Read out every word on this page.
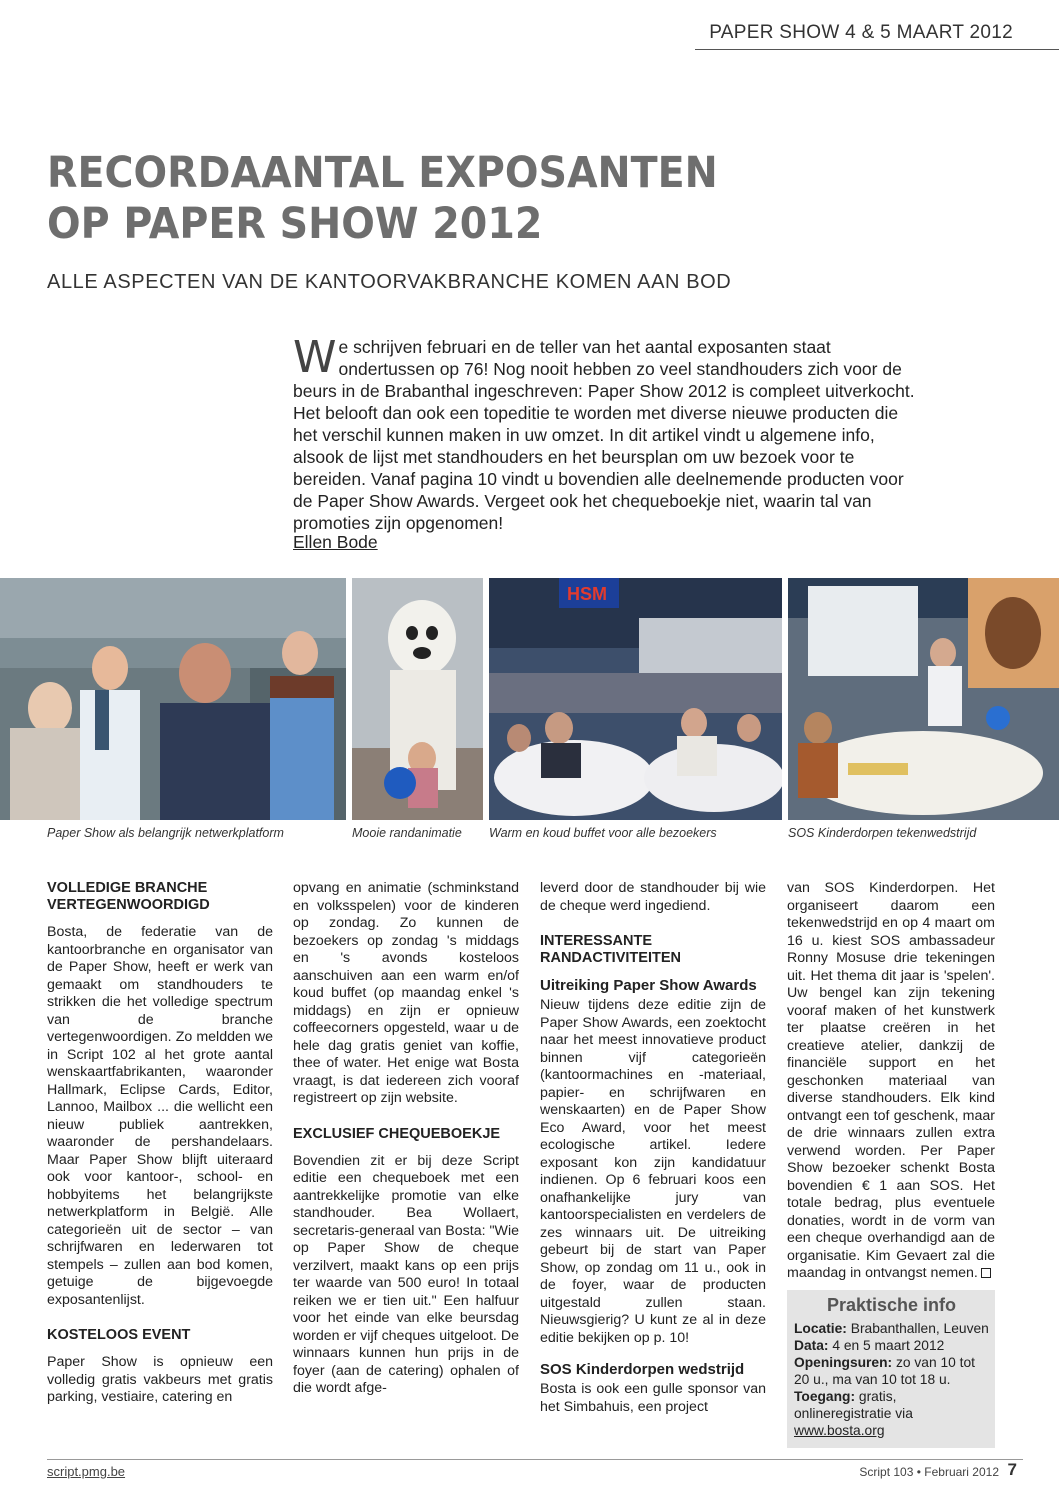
PAPER SHOW 4 & 5 MAART 2012
RECORDAANTAL EXPOSANTEN
OP PAPER SHOW 2012
ALLE ASPECTEN VAN DE KANTOORVAKBRANCHE KOMEN AAN BOD
We schrijven februari en de teller van het aantal exposanten staat ondertussen op 76! Nog nooit hebben zo veel standhouders zich voor de beurs in de Brabanthal ingeschreven: Paper Show 2012 is compleet uitverkocht. Het belooft dan ook een topeditie te worden met diverse nieuwe producten die het verschil kunnen maken in uw omzet. In dit artikel vindt u algemene info, alsook de lijst met standhouders en het beursplan om uw bezoek voor te bereiden. Vanaf pagina 10 vindt u bovendien alle deelnemende producten voor de Paper Show Awards. Vergeet ook het chequeboekje niet, waarin tal van promoties zijn opgenomen!
Ellen Bode
HSM
Paper Show als belangrijk netwerkplatform	Mooie randanimatie Warm en koud buffet voor alle bezoekers	SOS Kinderdorpen tekenwedstrijd
VOLLEDIGE BRANCHE VERTEGENWOORDIGD

Bosta, de federatie van de kantoorbranche en organisator van de Paper Show, heeft er werk van gemaakt om standhouders te strikken die het volledige spectrum van de branche vertegenwoordigen. Zo meldden we in Script 102 al het grote aantal wenskaartfabrikanten, waaronder Hallmark, Eclipse Cards, Editor, Lannoo, Mailbox ... die wellicht een nieuw publiek aantrekken, waaronder de pershandelaars. Maar Paper Show blijft uiteraard ook voor kantoor-, school- en hobbyitems het belangrijkste netwerkplatform in België. Alle categorieën uit de sector – van schrijfwaren en lederwaren tot stempels – zullen aan bod komen, getuige de bijgevoegde exposantenlijst.

KOSTELOOS EVENT

Paper Show is opnieuw een volledig gratis vakbeurs met gratis parking, vestiaire, catering en

opvang en animatie (schminkstand en volksspelen) voor de kinderen op zondag. Zo kunnen de bezoekers op zondag 's middags en 's avonds kosteloos aanschuiven aan een warm en/of koud buffet (op maandag enkel 's middags) en zijn er opnieuw coffeecorners opgesteld, waar u de hele dag gratis geniet van koffie, thee of water. Het enige wat Bosta vraagt, is dat iedereen zich vooraf registreert op zijn website.

EXCLUSIEF CHEQUEBOEKJE

Bovendien zit er bij deze Script editie een chequeboek met een aantrekkelijke promotie van elke standhouder. Bea Wollaert, secretaris-generaal van Bosta: "Wie op Paper Show de cheque verzilvert, maakt kans op een prijs ter waarde van 500 euro! In totaal reiken we er tien uit." Een halfuur voor het einde van elke beursdag worden er vijf cheques uitgeloot. De winnaars kunnen hun prijs in de foyer (aan de catering) ophalen of die wordt afge-

leverd door de standhouder bij wie de cheque werd ingediend.

INTERESSANTE RANDACTIVITEITEN
Uitreiking Paper Show Awards

Nieuw tijdens deze editie zijn de Paper Show Awards, een zoektocht naar het meest innovatieve product binnen vijf categorieën (kantoormachines en -materiaal, papier- en schrijfwaren en wenskaarten) en de Paper Show Eco Award, voor het meest ecologische artikel. Iedere exposant kon zijn kandidatuur indienen. Op 6 februari koos een onafhankelijke jury van kantoorspecialisten en verdelers de zes winnaars uit. De uitreiking gebeurt bij de start van Paper Show, op zondag om 11 u., ook in de foyer, waar de producten uitgestald zullen staan. Nieuwsgierig? U kunt ze al in deze editie bekijken op p. 10!

SOS Kinderdorpen wedstrijd

Bosta is ook een gulle sponsor van het Simbahuis, een project

van SOS Kinderdorpen. Het organiseert daarom een tekenwedstrijd en op 4 maart om 16 u. kiest SOS ambassadeur Ronny Mosuse drie tekeningen uit. Het thema dit jaar is 'spelen'. Uw bengel kan zijn tekening vooraf maken of het kunstwerk ter plaatse creëren in het creatieve atelier, dankzij de financiële support en het geschonken materiaal van diverse standhouders. Elk kind ontvangt een tof geschenk, maar de drie winnaars zullen extra verwend worden. Per Paper Show bezoeker schenkt Bosta bovendien € 1 aan SOS. Het totale bedrag, plus eventuele donaties, wordt in de vorm van een cheque overhandigd aan de organisatie. Kim Gevaert zal die maandag in ontvangst nemen.

Praktische info
Locatie: Brabanthallen, Leuven
Data: 4 en 5 maart 2012
Openingsuren: zo van 10 tot 20 u., ma van 10 tot 18 u.
Toegang: gratis, onlineregistratie via www.bosta.org
script.pmg.be	Script 103 • Februari 2012 7
